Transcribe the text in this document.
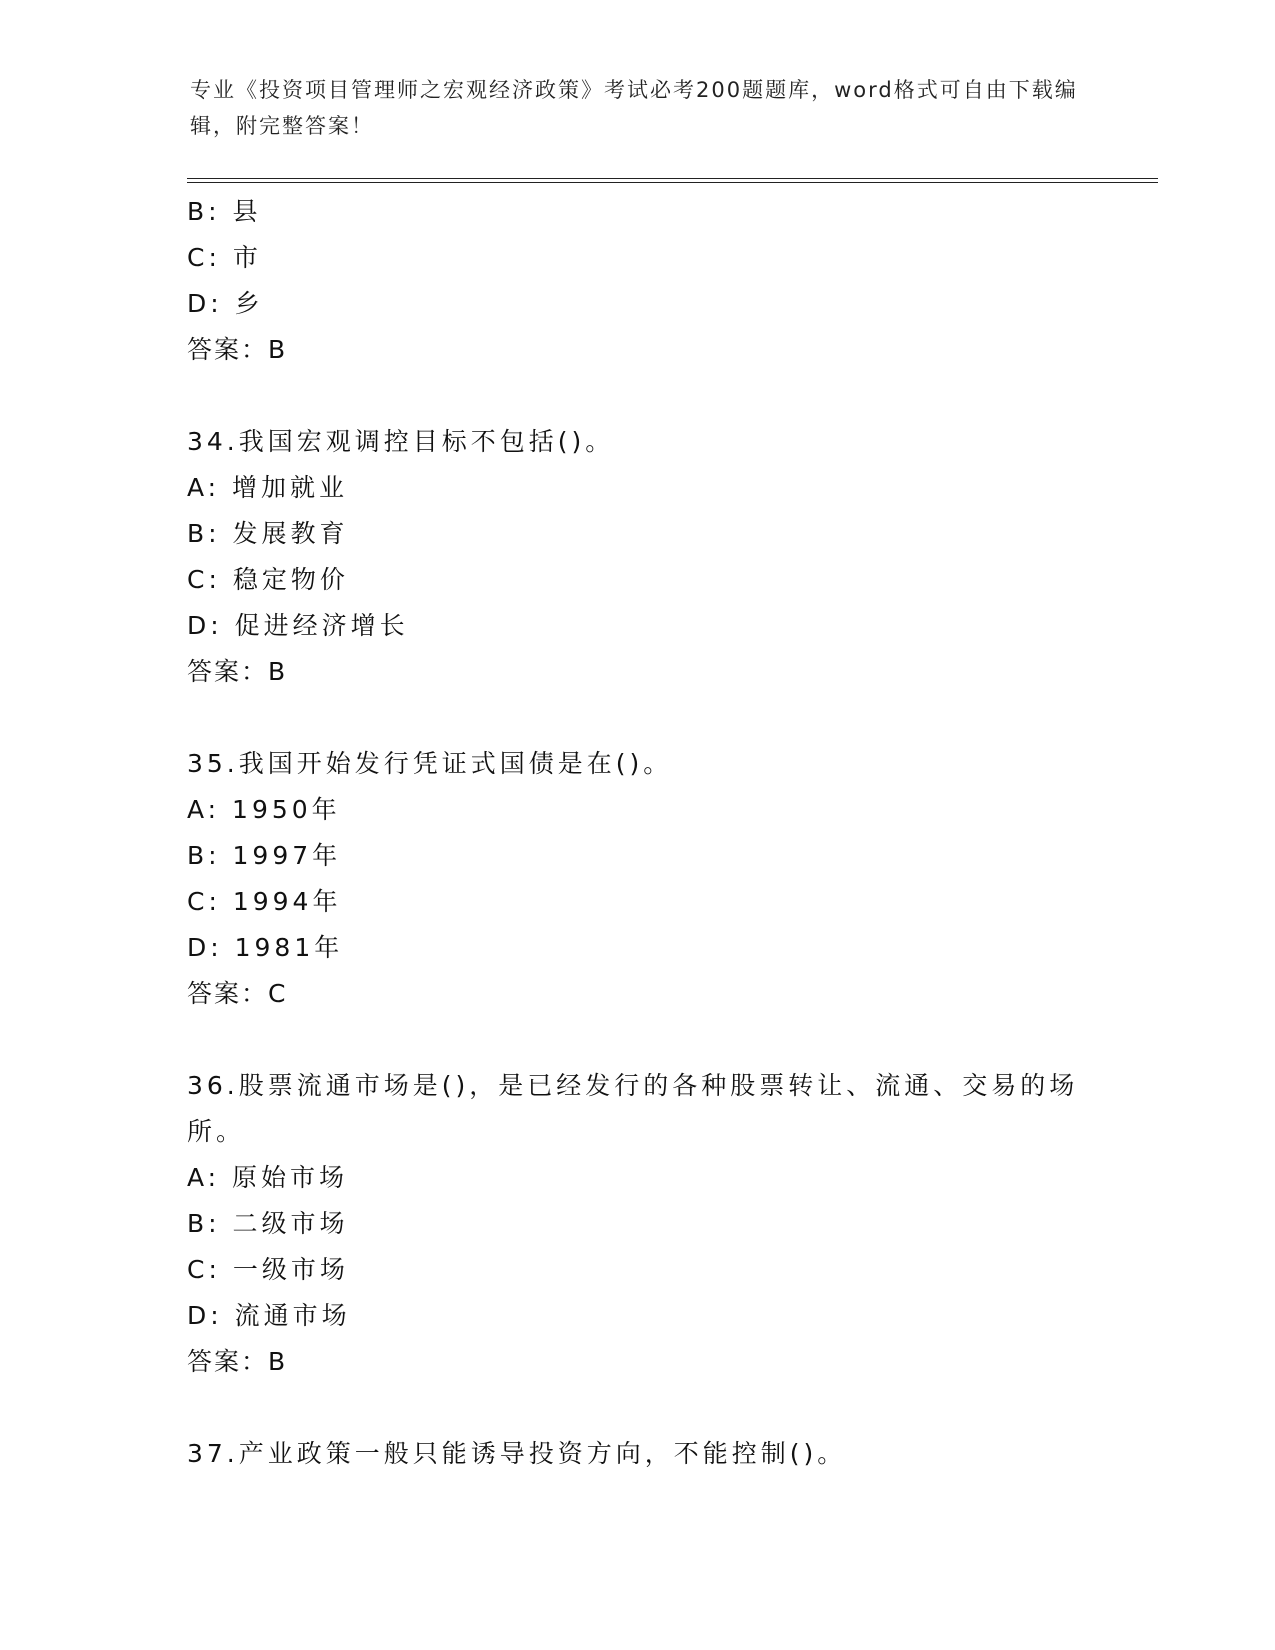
专业《投资项目管理师之宏观经济政策》考试必考200题题库，word格式可自由下载编辑，附完整答案！
B: 县
C: 市
D: 乡
答案：B
34.我国宏观调控目标不包括()。
A: 增加就业
B: 发展教育
C: 稳定物价
D: 促进经济增长
答案：B
35.我国开始发行凭证式国债是在()。
A: 1950年
B: 1997年
C: 1994年
D: 1981年
答案：C
36.股票流通市场是()，是已经发行的各种股票转让、流通、交易的场所。
A: 原始市场
B: 二级市场
C: 一级市场
D: 流通市场
答案：B
37.产业政策一般只能诱导投资方向，不能控制()。
